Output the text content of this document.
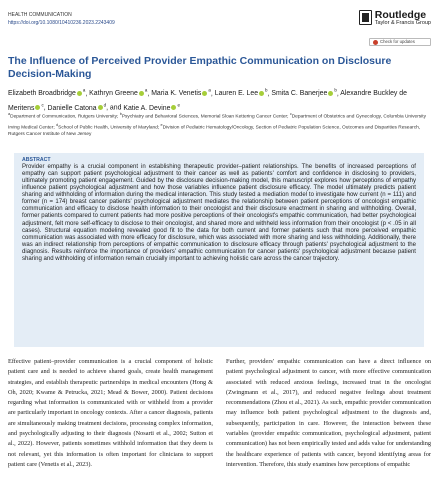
HEALTH COMMUNICATION
https://doi.org/10.1080/10410236.2023.2243409
Routledge
Taylor & Francis Group
Check for updates
The Influence of Perceived Provider Empathic Communication on Disclosure Decision-Making
Elizabeth Broadbridge $^a$, Kathryn Greene $^a$, Maria K. Venetis $^a$, Lauren E. Lee $^b$, Smita C. Banerjee $^b$, Alexandre Buckley de Meritens $^c$, Danielle Catona $^d$, and Katie A. Devine $^e$
$^a$Department of Communication, Rutgers University; $^b$Psychiatry and Behavioral Sciences, Memorial Sloan Kettering Cancer Center; $^c$Department of Obstetrics and Gynecology, Columbia University Irving Medical Center; $^d$School of Public Health, University of Maryland; $^e$Division of Pediatric Hematology/Oncology, Section of Pediatric Population Science, Outcomes and Disparities Research, Rutgers Cancer Institute of New Jersey
ABSTRACT
Provider empathy is a crucial component in establishing therapeutic provider–patient relationships. The benefits of increased perceptions of empathy can support patient psychological adjustment to their cancer as well as patients' comfort and confidence in disclosing to providers, ultimately promoting patient engagement. Guided by the disclosure decision-making model, this manuscript explores how perceptions of empathy influence patient psychological adjustment and how those variables influence patient disclosure efficacy. The model ultimately predicts patient sharing and withholding of information during the medical interaction. This study tested a mediation model to investigate how current (n = 111) and former (n = 174) breast cancer patients' psychological adjustment mediates the relationship between patient perceptions of oncologist empathic communication and efficacy to disclose health information to their oncologist and their disclosure enactment in sharing and withholding. Overall, former patients compared to current patients had more positive perceptions of their oncologist's empathic communication, had better psychological adjustment, felt more self-efficacy to disclose to their oncologist, and shared more and withheld less information from their oncologist (p < .05 in all cases). Structural equation modeling revealed good fit to the data for both current and former patients such that more perceived empathic communication was associated with more efficacy for disclosure, which was associated with more sharing and less withholding. Additionally, there was an indirect relationship from perceptions of empathic communication to disclosure efficacy through patients' psychological adjustment to the diagnosis. Results reinforce the importance of providers' empathic communication for cancer patients' psychological adjustment because patient sharing and withholding of information remain crucially important to achieving holistic care across the cancer trajectory.
Effective patient–provider communication is a crucial component of holistic patient care and is needed to achieve shared goals, create health management strategies, and establish therapeutic partnerships in medical encounters (Hong & Oh, 2020; Kwame & Petrucka, 2021; Mead & Bower, 2000). Patient decisions regarding what information is communicated with or withheld from a provider are particularly important in oncology contexts. After a cancer diagnosis, patients are simultaneously making treatment decisions, processing complex information, and psychologically adjusting to their diagnosis (Nosarti et al., 2002; Sutton et al., 2022). However, patients sometimes withhold information that they deem is not relevant, yet this information is often important for clinicians to support patient care (Venetis et al., 2023).
Further, providers' empathic communication can have a direct influence on patient psychological adjustment to cancer, with more effective communication associated with reduced anxious feelings, increased trust in the oncologist (Zwingmann et al., 2017), and reduced negative feelings about treatment recommendations (Zhou et al., 2021). As such, empathic provider communication may influence both patient psychological adjustment to the diagnosis and, subsequently, participation in care. However, the interaction between these variables (provider empathic communication, psychological adjustment, patient communication) has not been empirically tested and adds value for understanding the healthcare experience of patients with cancer, beyond identifying areas for intervention. Therefore, this study examines how perceptions of empathic
